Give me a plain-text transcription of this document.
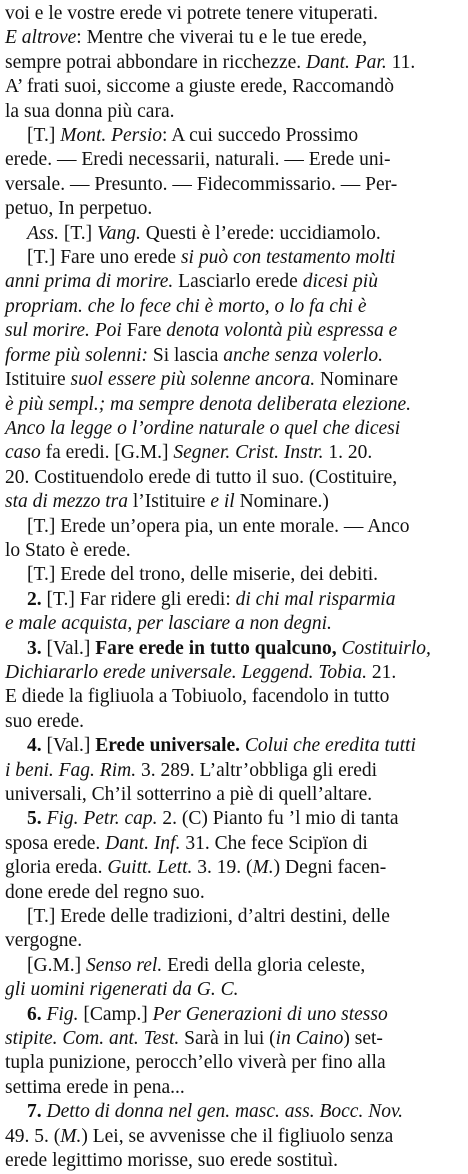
voi e le vostre erede vi potrete tenere vituperati.
E altrove: Mentre che viverai tu e le tue erede,
sempre potrai abbondare in ricchezze. Dant. Par. 11.
A’ frati suoi, siccome a giuste erede, Raccomandò
la sua donna più cara.
[T.] Mont. Persio: A cui succedo Prossimo
erede. — Eredi necessarii, naturali. — Erede uni-
versale. — Presunto. — Fidecommissario. — Per-
petuo, In perpetuo.
Ass. [T.] Vang. Questi è l’erede: uccidiamolo.
[T.] Fare uno erede si può con testamento molti
anni prima di morire. Lasciarlo erede dicesi più
propriam. che lo fece chi è morto, o lo fa chi è
sul morire. Poi Fare denota volontà più espressa e
forme più solenni: Si lascia anche senza volerlo.
Istituire suol essere più solenne ancora. Nominare
è più sempl.; ma sempre denota deliberata elezione.
Anco la legge o l’ordine naturale o quel che dicesi
caso fa eredi. [G.M.] Segner. Crist. Instr. 1. 20.
20. Costituendolo erede di tutto il suo. (Costituire,
sta di mezzo tra l’Istituire e il Nominare.)
[T.] Erede un’opera pia, un ente morale. — Anco
lo Stato è erede.
[T.] Erede del trono, delle miserie, dei debiti.
2. [T.] Far ridere gli eredi: di chi mal risparmia
e male acquista, per lasciare a non degni.
3. [Val.] Fare erede in tutto qualcuno, Costituirlo,
Dichiararlo erede universale. Leggend. Tobia. 21.
E diede la figliuola a Tobiuolo, facendolo in tutto
suo erede.
4. [Val.] Erede universale. Colui che eredita tutti
i beni. Fag. Rim. 3. 289. L’altr’obbliga gli eredi
universali, Ch’il sotterrino a piè di quell’altare.
5. Fig. Petr. cap. 2. (C) Pianto fu ’l mio di tanta
sposa erede. Dant. Inf. 31. Che fece Scipïon di
gloria ereda. Guitt. Lett. 3. 19. (M.) Degni facen-
done erede del regno suo.
[T.] Erede delle tradizioni, d’altri destini, delle
vergogne.
[G.M.] Senso rel. Eredi della gloria celeste,
gli uomini rigenerati da G. C.
6. Fig. [Camp.] Per Generazioni di uno stesso
stipite. Com. ant. Test. Sarà in lui (in Caino) set-
tupla punizione, perocch’ello viverà per fino alla
settima erede in pena...
7. Detto di donna nel gen. masc. ass. Bocc. Nov.
49. 5. (M.) Lei, se avvenisse che il figliuolo senza
erede legittimo morisse, suo erede sostituì.
